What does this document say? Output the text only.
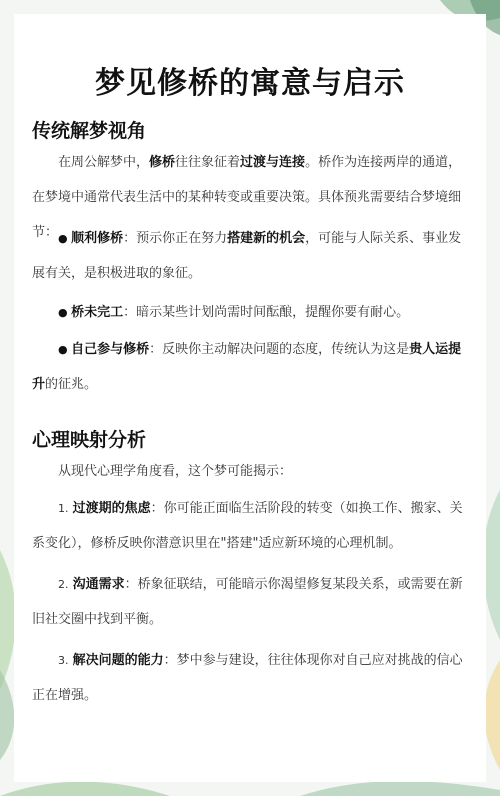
梦见修桥的寓意与启示
传统解梦视角
在周公解梦中，修桥往往象征着过渡与连接。桥作为连接两岸的通道，在梦境中通常代表生活中的某种转变或重要决策。具体预兆需要结合梦境细节：	● 顺利修桥：预示你正在努力搭建新的机会，可能与人际关系、事业发展有关，是积极进取的象征。
● 桥未完工：暗示某些计划尚需时间酝酿，提醒你要有耐心。
● 自己参与修桥：反映你主动解决问题的态度，传统认为这是贵人运提升的征兆。
心理映射分析
从现代心理学角度看，这个梦可能揭示：
1. 过渡期的焦虑：你可能正面临生活阶段的转变（如换工作、搬家、关系变化），修桥反映你潜意识里在"搭建"适应新环境的心理机制。
2. 沟通需求：桥象征联结，可能暗示你渴望修复某段关系，或需要在新旧社交圈中找到平衡。
3. 解决问题的能力：梦中参与建设，往往体现你对自己应对挑战的信心正在增强。
